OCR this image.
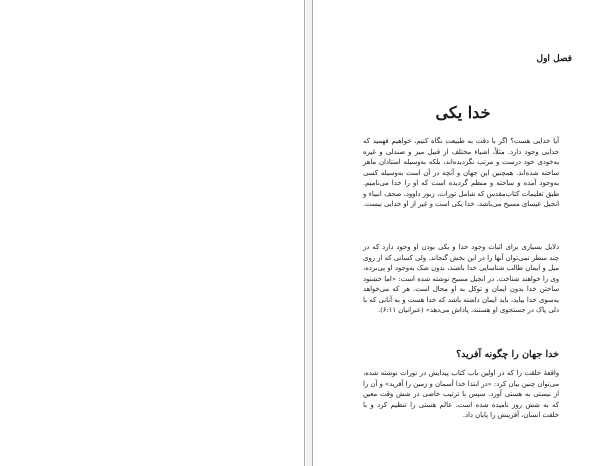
فصل اول
خدا یکی

آیا خدایی هست؟ اگر با دقت به طبیعت نگاه کنیم، خواهیم فهمید که خدایی وجود دارد. مثلاً، اشیاء مختلف از قبیل میز و صندلی و غیره به‌خودی خود درست و مرتب نگردیده‌اند، بلکه به‌وسیله استادان ماهر ساخته شده‌اند. همچنین این جهان و آنچه در آن است به‌وسیله کسی به‌وجود آمده و ساخته و منظم گردیده است که او را خدا می‌نامیم. طبق تعلیمات کتاب‌مقدس که شامل تورات، زبور داوود، صحف انبیاء و انجیل عیسای مسیح می‌باشد، خدا یکی است و غیر از او خدایی نیست.

دلایل بسیاری برای اثبات وجود خدا و یکی بودن او وجود دارد که در چند سطر نمی‌توان آنها را در این بخش گنجاند. ولی کسانی که از روی میل و ایمان طالب شناسایی خدا باشند، بدون شک به‌وجود او پی‌برده، وی را خواهند شناخت. در انجیل مسیح نوشته شده است: «اما خشنود ساختن خدا بدون ایمان و توکل به او محال است. هر که می‌خواهد به‌سوی خدا بیاید، باید ایمان داشته باشد که خدا هست و به آنانی که با دلی پاک در جستجوی او هستند، پاداش می‌دهد» (عبرانیان ۶:۱۱).

خدا جهان را چگونه آفرید؟

واقعهٔ خلقت را که در اولین باب کتاب پیدایش در تورات نوشته شده، می‌توان چنین بیان کرد: «در ابتدا خدا آسمان و زمین را آفرید» و آن را از نیستی به هستی آورد. سپس با ترتیب خاصی در شش وقت معین که به شش روز نامیده شده است، عالم هستی را تنظیم کرد و با خلقت انسان، آفرینش را پایان داد.
